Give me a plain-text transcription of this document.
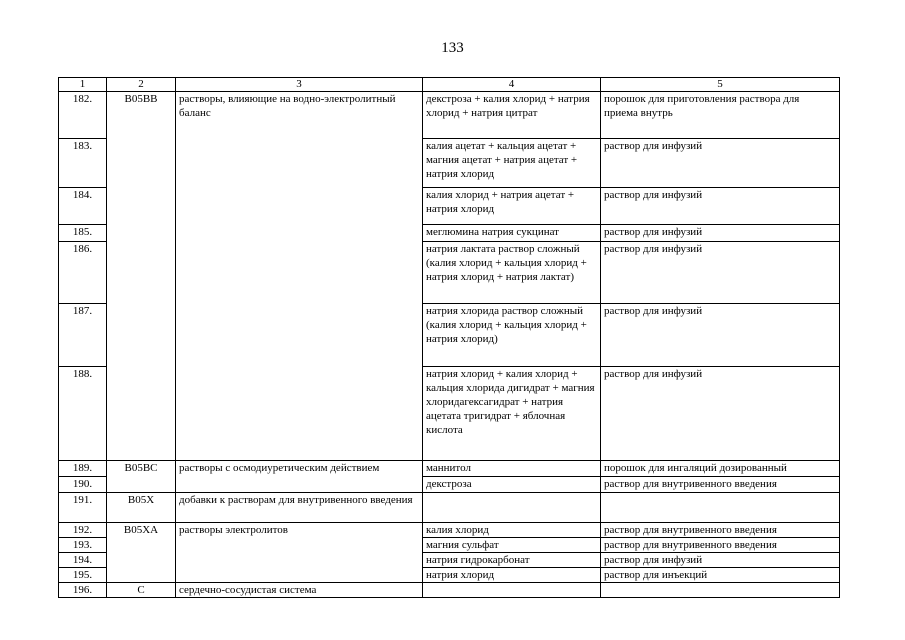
133
1	2	3	4	5
182.	B05BB	растворы, влияющие на водно-электролитный баланс	декстроза + калия хлорид + натрия хлорид + натрия цитрат	порошок для приготовления раствора для приема внутрь
183.			калия ацетат + кальция ацетат + магния ацетат + натрия ацетат + натрия хлорид	раствор для инфузий
184.			калия хлорид + натрия ацетат + натрия хлорид	раствор для инфузий
185.			меглюмина натрия сукцинат	раствор для инфузий
186.			натрия лактата раствор сложный (калия хлорид + кальция хлорид + натрия хлорид + натрия лактат)	раствор для инфузий
187.			натрия хлорида раствор сложный (калия хлорид + кальция хлорид + натрия хлорид)	раствор для инфузий
188.			натрия хлорид + калия хлорид + кальция хлорида дигидрат + магния хлоридагексагидрат + натрия ацетата тригидрат + яблочная кислота	раствор для инфузий
189.	B05BC	растворы с осмодиуретическим действием	маннитол	порошок для ингаляций дозированный
190.			декстроза	раствор для внутривенного введения
191.	B05X	добавки к растворам для внутривенного введения		
192.	B05XA	растворы электролитов	калия хлорид	раствор для внутривенного введения
193.			магния сульфат	раствор для внутривенного введения
194.			натрия гидрокарбонат	раствор для инфузий
195.			натрия хлорид	раствор для инъекций
196.	C	сердечно-сосудистая система		
